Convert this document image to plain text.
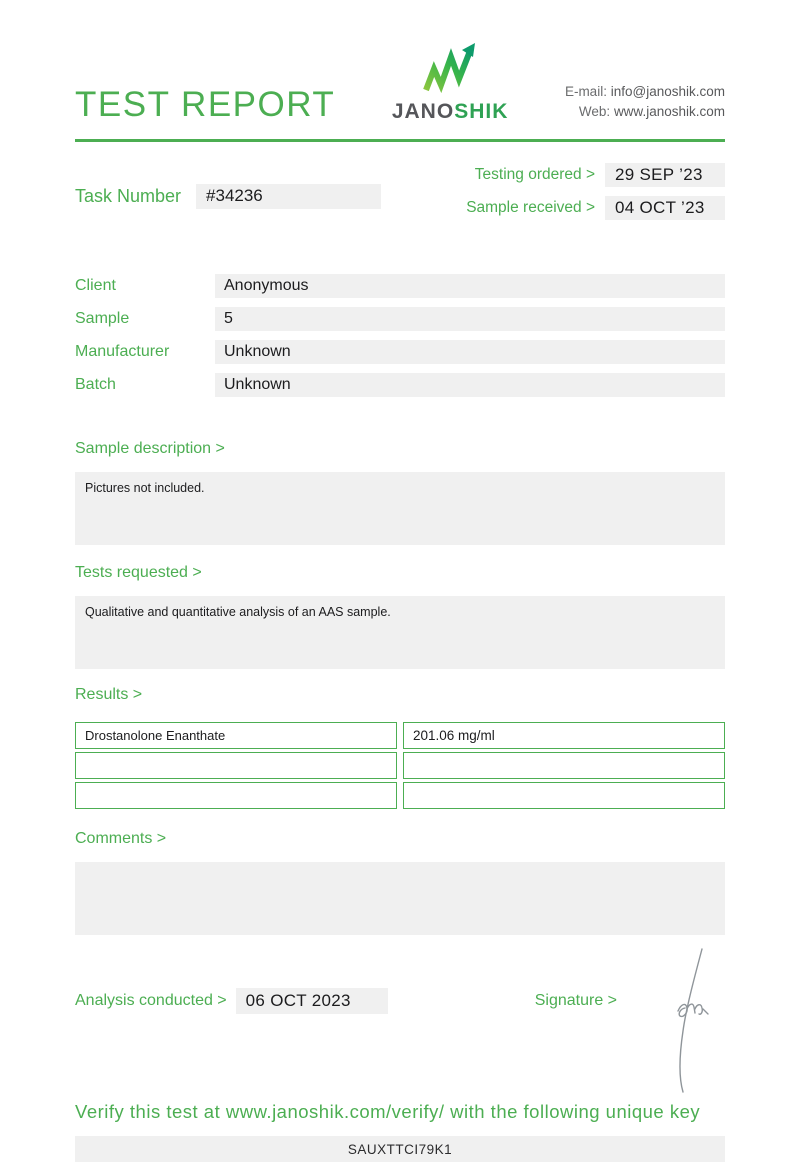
TEST REPORT	JANOSHIK
E-mail: info@janoshik.com
Web: www.janoshik.com
Task Number	#34236
Testing ordered >	29 SEP ’23
Sample received >	04 OCT ’23
Client	Anonymous
Sample	5
Manufacturer	Unknown
Batch	Unknown
Sample description >
Pictures not included.
Tests requested >
Qualitative and quantitative analysis of an AAS sample.
Results >
Drostanolone Enanthate	201.06 mg/ml
Comments >
Analysis conducted >	06 OCT 2023	Signature >
Verify this test at www.janoshik.com/verify/ with the following unique key
SAUXTTCI79K1
